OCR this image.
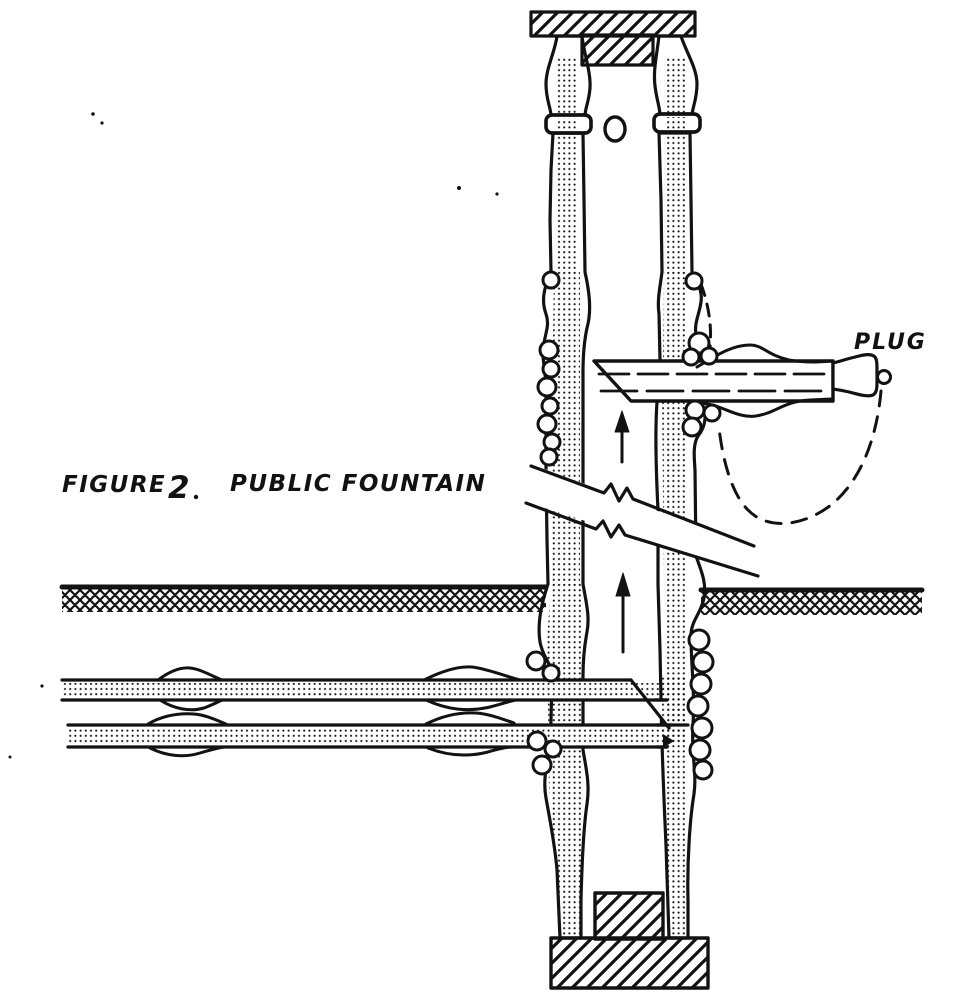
PLUG
FIGURE 2 PUBLIC FOUNTAIN
